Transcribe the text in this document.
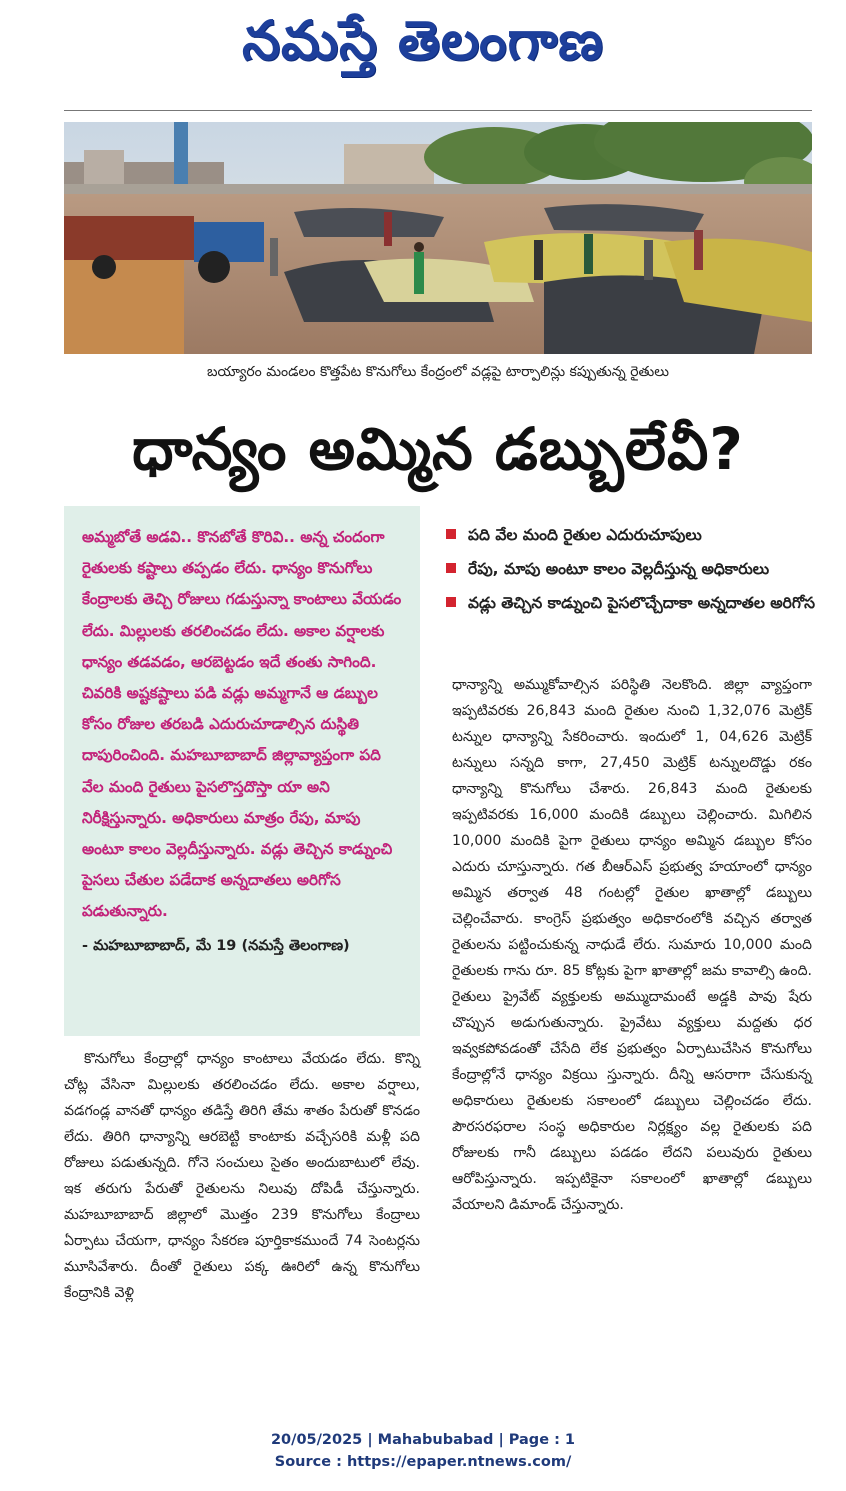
నమస్తే తెలంగాణ
బయ్యారం మండలం కొత్తపేట కొనుగోలు కేంద్రంలో వడ్లపై టార్పాలిన్లు కప్పుతున్న రైతులు
ధాన్యం అమ్మిన డబ్బులేవీ?
అమ్మబోతే అడవి.. కొనబోతే కొరివి.. అన్న చందంగా రైతులకు కష్టాలు తప్పడం లేదు. ధాన్యం కొనుగోలు కేంద్రాలకు తెచ్చి రోజులు గడుస్తున్నా కాంటాలు వేయడం లేదు. మిల్లులకు తరలించడం లేదు. అకాల వర్షాలకు ధాన్యం తడవడం, ఆరబెట్టడం ఇదే తంతు సాగింది. చివరికి అష్టకష్టాలు పడి వడ్లు అమ్మగానే ఆ డబ్బుల కోసం రోజుల తరబడి ఎదురుచూడాల్సిన దుస్థితి దాపురించింది. మహబూబాబాద్ జిల్లావ్యాప్తంగా పది వేల మంది రైతులు పైసలొస్తదొస్తా యా అని నిరీక్షిస్తున్నారు. అధికారులు మాత్రం రేపు, మాపు అంటూ కాలం వెల్లదీస్తున్నారు. వడ్లు తెచ్చిన కాడ్నుంచి పైసలు చేతుల పడేదాక అన్నదాతలు అరిగోస పడుతున్నారు.
- మహబూబాబాద్, మే 19 (నమస్తే తెలంగాణ)
పది వేల మంది రైతుల ఎదురుచూపులు
రేపు, మాపు అంటూ కాలం వెల్లదీస్తున్న అధికారులు
వడ్లు తెచ్చిన కాడ్నుంచి పైసలొచ్చేదాకా అన్నదాతల అరిగోస

ధాన్యాన్ని అమ్ముకోవాల్సిన పరిస్థితి నెలకొంది. జిల్లా వ్యాప్తంగా ఇప్పటివరకు 26,843 మంది రైతుల నుంచి 1,32,076 మెట్రిక్ టన్నుల ధాన్యాన్ని సేకరించారు. ఇందులో 1, 04,626 మెట్రిక్ టన్నులు సన్నది కాగా, 27,450 మెట్రిక్ టన్నులదొడ్డు రకం ధాన్యాన్ని కొనుగోలు చేశారు. 26,843 మంది రైతులకు ఇప్పటివరకు 16,000 మందికి డబ్బులు చెల్లించారు. మిగిలిన 10,000 మందికి పైగా రైతులు ధాన్యం అమ్మిన డబ్బుల కోసం ఎదురు చూస్తున్నారు. గత బీఆర్ఎస్ ప్రభుత్వ హయాంలో ధాన్యం అమ్మిన తర్వాత 48 గంటల్లో రైతుల ఖాతాల్లో డబ్బులు చెల్లించేవారు. కాంగ్రెస్ ప్రభుత్వం అధికారంలోకి వచ్చిన తర్వాత రైతులను పట్టించుకున్న నాధుడే లేరు. సుమారు 10,000 మంది రైతులకు గాను రూ. 85 కోట్లకు పైగా ఖాతాల్లో జమ కావాల్సి ఉంది. రైతులు ప్రైవేట్ వ్యక్తులకు అమ్ముదామంటే అడ్డకి పావు షేరు చొప్పున అడుగుతున్నారు. ప్రైవేటు వ్యక్తులు మద్దతు ధర ఇవ్వకపోవడంతో చేసేది లేక ప్రభుత్వం ఏర్పాటుచేసిన కొనుగోలు కేంద్రాల్లోనే ధాన్యం విక్రయి స్తున్నారు. దీన్ని ఆసరాగా చేసుకున్న అధికారులు రైతులకు సకాలంలో డబ్బులు చెల్లించడం లేదు. పౌరసరఫరాల సంస్థ అధికారుల నిర్లక్ష్యం వల్ల రైతులకు పది రోజులకు గానీ డబ్బులు పడడం లేదని పలువురు రైతులు ఆరోపిస్తున్నారు. ఇప్పటికైనా సకాలంలో ఖాతాల్లో డబ్బులు వేయాలని డిమాండ్ చేస్తున్నారు.

కొనుగోలు కేంద్రాల్లో ధాన్యం కాంటాలు వేయడం లేదు. కొన్ని చోట్ల వేసినా మిల్లులకు తరలించడం లేదు. అకాల వర్షాలు, వడగండ్ల వానతో ధాన్యం తడిస్తే తిరిగి తేమ శాతం పేరుతో కొనడం లేదు. తిరిగి ధాన్యాన్ని ఆరబెట్టి కాంటాకు వచ్చేసరికి మళ్లీ పది రోజులు పడుతున్నది. గోనె సంచులు సైతం అందుబాటులో లేవు. ఇక తరుగు పేరుతో రైతులను నిలువు దోపిడీ చేస్తున్నారు. మహబూబాబాద్ జిల్లాలో మొత్తం 239 కొనుగోలు కేంద్రాలు ఏర్పాటు చేయగా, ధాన్యం సేకరణ పూర్తికాకముందే 74 సెంటర్లను మూసివేశారు. దీంతో రైతులు పక్క ఊరిలో ఉన్న కొనుగోలు కేంద్రానికి వెళ్లి

20/05/2025 | Mahabubabad | Page : 1
Source : https://epaper.ntnews.com/
